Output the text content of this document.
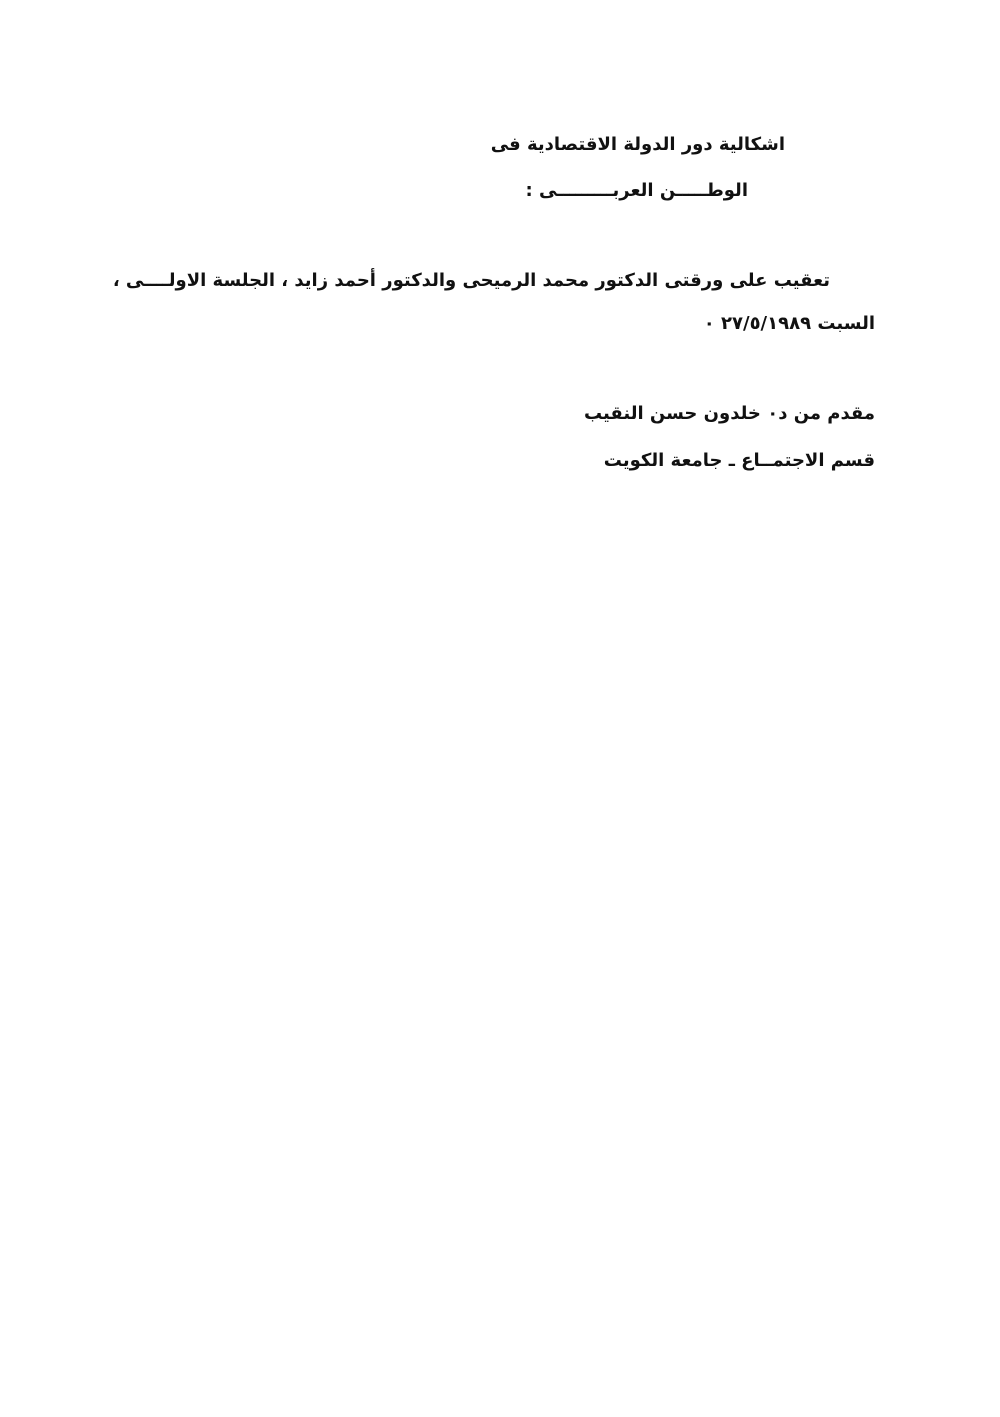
اشكالية دور الدولة الاقتصادية فى
الوطـــــن العربـــــــــى :
تعقيب على ورقتى الدكتور محمد الرميحى والدكتور أحمد زايد ، الجلسة الاولــــى ،
السبت ٢٧/٥/١٩٨٩ ٠
مقدم من د٠ خلدون حسن النقيب
قسم الاجتمــاع ـ جامعة الكويت
